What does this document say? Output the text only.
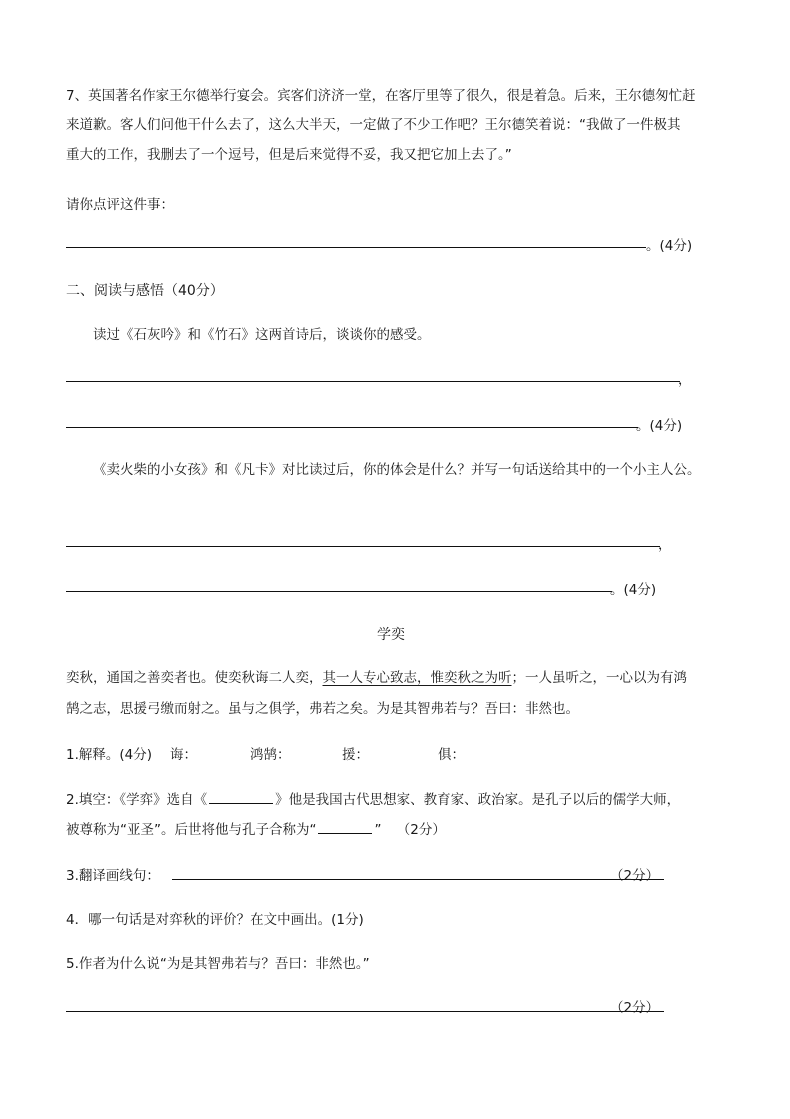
7、英国著名作家王尔德举行宴会。宾客们济济一堂，在客厅里等了很久，很是着急。后来，王尔德匆忙赶
来道歉。客人们问他干什么去了，这么大半天，一定做了不少工作吧？王尔德笑着说：“我做了一件极其
重大的工作，我删去了一个逗号，但是后来觉得不妥，我又把它加上去了。”
请你点评这件事：
。(4分)
二、阅读与感悟（40分）
读过《石灰吟》和《竹石》这两首诗后，谈谈你的感受。
，
。(4分)
《卖火柴的小女孩》和《凡卡》对比读过后，你的体会是什么？并写一句话送给其中的一个小主人公。
，
。(4分)
学奕
奕秋，通国之善奕者也。使奕秋诲二人奕，其一人专心致志，惟奕秋之为听；一人虽听之，一心以为有鸿
鹄之志，思援弓缴而射之。虽与之俱学，弗若之矣。为是其智弗若与？吾曰：非然也。
1.解释。(4分) 诲：	鸿鹄：	援：	俱：
2.填空：《学弈》选自《	》他是我国古代思想家、教育家、政治家。是孔子以后的儒学大师，
被尊称为“亚圣”。后世将他与孔子合称为“	” （2分）
3.翻译画线句：	（2分）
4．哪一句话是对弈秋的评价？在文中画出。(1分)
5.作者为什么说“为是其智弗若与？吾曰：非然也。”
（2分）
